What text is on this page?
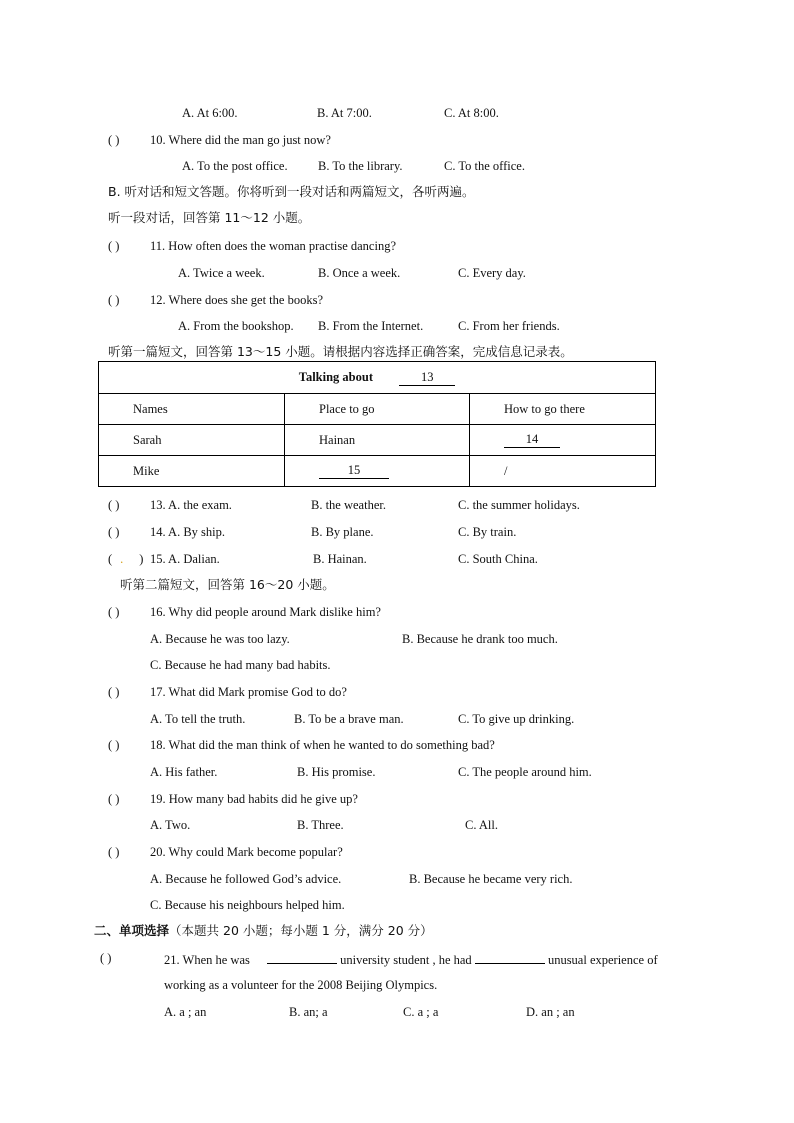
A. At 6:00.	B. At 7:00.	C. At 8:00.
( ) 10. Where did the man go just now?
A. To the post office. B. To the library.	C. To the office.
B. 听对话和短文答题。你将听到一段对话和两篇短文，各听两遍。
听一段对话，回答第 11～12 小题。
( ) 11. How often does the woman practise dancing?
A. Twice a week.	B. Once a week.	C. Every day.
( ) 12. Where does she get the books?
A. From the bookshop. B. From the Internet.	C. From her friends.
听第一篇短文，回答第 13～15 小题。请根据内容选择正确答案，完成信息记录表。
Talking about 13		
Names	Place to go	How to go there
Sarah	Hainan	14
Mike	15	/
( ) 13. A. the exam.	B. the weather.	C. the summer holidays.
( ) 14. A. By ship.	B. By plane.	C. By train.
( . ) 15. A. Dalian.	B. Hainan.	C. South China.
听第二篇短文，回答第 16～20 小题。
( ) 16. Why did people around Mark dislike him?
A. Because he was too lazy.	B. Because he drank too much.
C. Because he had many bad habits.
( ) 17. What did Mark promise God to do?
A. To tell the truth.	B. To be a brave man.	C. To give up drinking.
( ) 18. What did the man think of when he wanted to do something bad?
A. His father.	B. His promise.	C. The people around him.
( ) 19. How many bad habits did he give up?
A. Two.	B. Three.	C. All.
( ) 20. Why could Mark become popular?
A. Because he followed God’s advice.	B. Because he became very rich.
C. Because his neighbours helped him.
二、单项选择（本题共 20 小题；每小题 1 分，满分 20 分）
( )	21. When he was	university student , he had	unusual experience of
working as a volunteer for the 2008 Beijing Olympics.
A. a ; an	B. an; a	C. a ; a	D. an ; an
